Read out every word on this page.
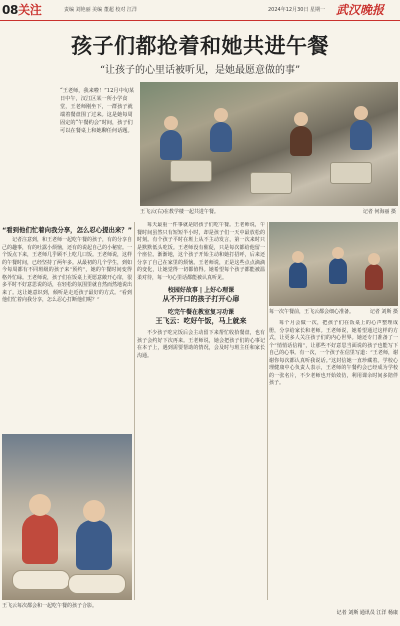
08关注	责编 刘艳丽 美编 董超 校对 江洋	2024年12月30日 星期一 武汉晚报
孩子们都抢着和她共进午餐
“让孩子的心里话被听见，是她最愿意做的事”
“王老师，我来啦！”12月中旬某日中午，汉江区某一所小学食堂，王老师刚坐下，一群孩子就端着餐盘围了过来。这是她每周固定的“午餐约会”时间，孩子们可以在餐桌上和她聊任何话题。
王飞云(右)在教学楼一起共进午餐。	记者 何海丽 摄
“看到他们忙着向我分享，怎么忍心提出来？”

记者注意到，和王老师一起吃午餐的孩子，有的分享自己的趣事，有的吐露小烦恼，还有的说起自己的小秘密。一个饭点下来，王老师几乎顾不上吃几口饭。王老师说，这样的午餐时间，已经坚持了两年多。从最初的几个学生，到如今每周都有不同班级的孩子来“预约”，她的午餐时间变得格外忙碌。王老师说，孩子们在饭桌上更愿意敞开心扉，很多平时不好意思说的话，在轻松的氛围里就自然而然地说出来了。这让她意识到，倾听是走近孩子最好的方式。“看到他们忙着向我分享，怎么忍心打断他们呢？”

每天最重一件事就是陪孩子们吃午餐。王老师说，午餐时间虽然只有短短半小时，却是孩子们一天中最放松的时刻。有个孩子平时在班上从不主动发言，第一次来时只是默默低头吃饭。王老师没有催促，只是每次都给他留一个座位。渐渐地，这个孩子开始主动和她打招呼，后来还分享了自己在家里的烦恼。王老师说，正是这些点点滴滴的变化，让她觉得一切都值得。她希望每个孩子都能被温柔对待，每一句心里话都能被认真听见。

校园好故事 | 上好心理课
从不开口的孩子打开心扉
吃完午餐在教室复习功课
王飞云：吃好午饭，马上就来

不少孩子吃完饭后会主动留下来帮忙收拾餐盘，也有孩子会约好下次再来。王老师说，她会把孩子们的心事记在本子上，遇到需要帮助的情况，会及时与班主任和家长沟通。

王飞云每次都会和一起吃午餐的孩子合影。
每一次午餐前，王飞云都会细心准备。	记者 刘斯 摄

每个月会做一次，把孩子们在饭桌上的心声整理成册，分享给家长和老师。王老师说，她希望通过这样的方式，让更多人关注孩子们的内心世界。她还专门准备了一个“悄悄话信箱”，让那些不好意思当面说的孩子也能写下自己的心事。有一次，一个孩子在信里写道：“王老师，谢谢你每次都认真听我说话。”这封信她一直珍藏着。学校心理健康中心负责人表示，王老师的午餐约会已经成为学校的一张名片，不少老师也开始效仿，利用课余时间多陪伴孩子。

记者 刘斯 通讯员 江洋 杨康
